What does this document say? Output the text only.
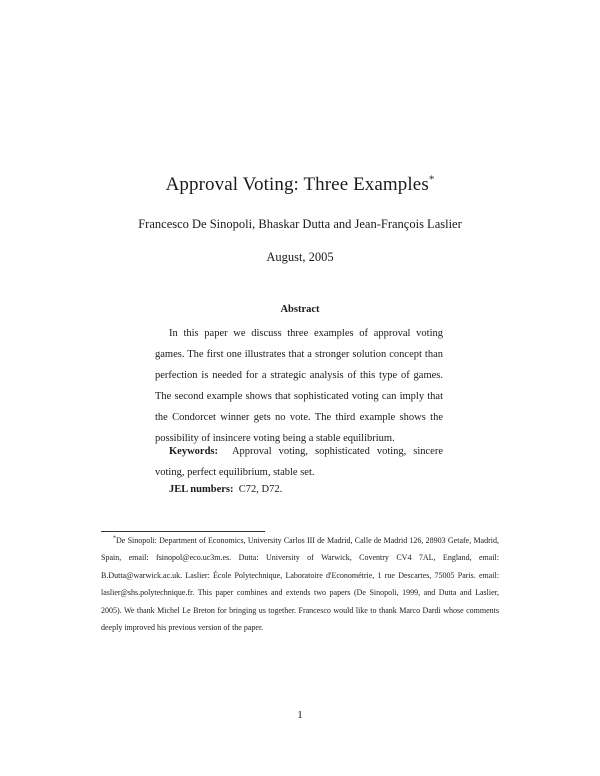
Approval Voting: Three Examples*
Francesco De Sinopoli, Bhaskar Dutta and Jean-François Laslier
August, 2005
Abstract

In this paper we discuss three examples of approval voting games. The first one illustrates that a stronger solution concept than perfection is needed for a strategic analysis of this type of games. The second example shows that sophisticated voting can imply that the Condorcet winner gets no vote. The third example shows the possibility of insincere voting being a stable equilibrium.

Keywords: Approval voting, sophisticated voting, sincere voting, perfect equilibrium, stable set.

JEL numbers: C72, D72.

*De Sinopoli: Department of Economics, University Carlos III de Madrid, Calle de Madrid 126, 28903 Getafe, Madrid, Spain, email: fsinopol@eco.uc3m.es. Dutta: University of Warwick, Coventry CV4 7AL, England, email: B.Dutta@warwick.ac.uk. Laslier: École Polytechnique, Laboratoire d'Econométrie, 1 rue Descartes, 75005 Paris. email: laslier@shs.polytechnique.fr. This paper combines and extends two papers (De Sinopoli, 1999, and Dutta and Laslier, 2005). We thank Michel Le Breton for bringing us together. Francesco would like to thank Marco Dardi whose comments deeply improved his previous version of the paper.

1
